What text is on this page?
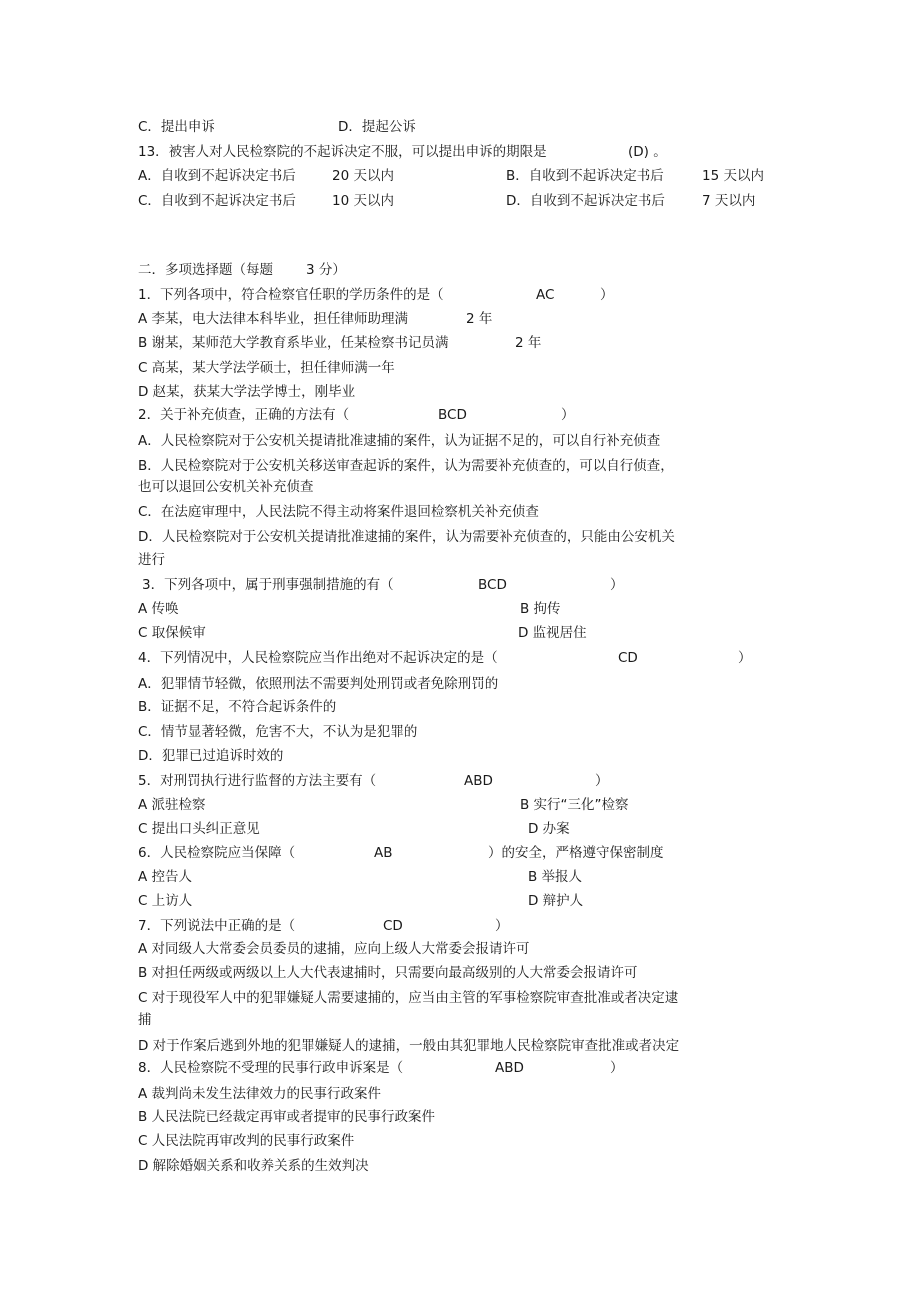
C．提出申诉	D．提起公诉
13．被害人对人民检察院的不起诉决定不服，可以提出申诉的期限是	(D) 。
A．自收到不起诉决定书后	20 天以内	B．自收到不起诉决定书后	15 天以内
C．自收到不起诉决定书后	10 天以内	D．自收到不起诉决定书后	7 天以内
二．多项选择题（每题 3 分）
1．下列各项中，符合检察官任职的学历条件的是（	AC	）
A 李某，电大法律本科毕业，担任律师助理满	2 年
B 谢某，某师范大学教育系毕业，任某检察书记员满	2 年
C 高某，某大学法学硕士，担任律师满一年
D 赵某，获某大学法学博士，刚毕业
2．关于补充侦查，正确的方法有（	BCD	）
A．人民检察院对于公安机关提请批准逮捕的案件，认为证据不足的，可以自行补充侦查
B．人民检察院对于公安机关移送审查起诉的案件，认为需要补充侦查的，可以自行侦查，
也可以退回公安机关补充侦查
C．在法庭审理中，人民法院不得主动将案件退回检察机关补充侦查
D．人民检察院对于公安机关提请批准逮捕的案件，认为需要补充侦查的，只能由公安机关
进行
3．下列各项中，属于刑事强制措施的有（	BCD	）
A 传唤	B 拘传
C 取保候审	D 监视居住
4．下列情况中，人民检察院应当作出绝对不起诉决定的是（	CD	）
A．犯罪情节轻微，依照刑法不需要判处刑罚或者免除刑罚的
B．证据不足，不符合起诉条件的
C．情节显著轻微，危害不大，不认为是犯罪的
D．犯罪已过追诉时效的
5．对刑罚执行进行监督的方法主要有（	ABD	）
A 派驻检察	B 实行“三化”检察
C 提出口头纠正意见	D 办案
6．人民检察院应当保障（	AB	）的安全，严格遵守保密制度
A 控告人	B 举报人
C 上访人	D 辩护人
7．下列说法中正确的是（	CD	）
A 对同级人大常委会员委员的逮捕，应向上级人大常委会报请许可
B 对担任两级或两级以上人大代表逮捕时，只需要向最高级别的人大常委会报请许可
C 对于现役军人中的犯罪嫌疑人需要逮捕的，应当由主管的军事检察院审查批准或者决定逮
捕
D 对于作案后逃到外地的犯罪嫌疑人的逮捕，一般由其犯罪地人民检察院审查批准或者决定
8．人民检察院不受理的民事行政申诉案是（	ABD	）
A 裁判尚未发生法律效力的民事行政案件
B 人民法院已经裁定再审或者提审的民事行政案件
C 人民法院再审改判的民事行政案件
D 解除婚姻关系和收养关系的生效判决
